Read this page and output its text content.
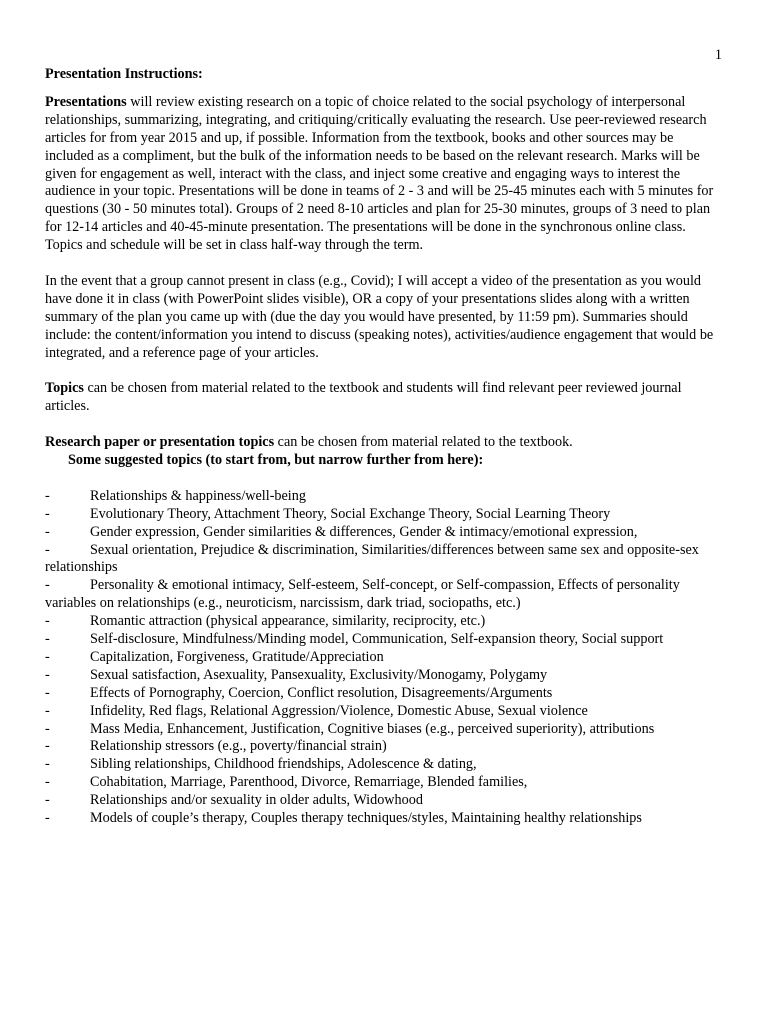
1
Presentation Instructions:

Presentations will review existing research on a topic of choice related to the social psychology of interpersonal relationships, summarizing, integrating, and critiquing/critically evaluating the research. Use peer-reviewed research articles for from year 2015 and up, if possible. Information from the textbook, books and other sources may be included as a compliment, but the bulk of the information needs to be based on the relevant research. Marks will be given for engagement as well, interact with the class, and inject some creative and engaging ways to interest the audience in your topic. Presentations will be done in teams of 2 - 3 and will be 25-45 minutes each with 5 minutes for questions (30 - 50 minutes total). Groups of 2 need 8-10 articles and plan for 25-30 minutes, groups of 3 need to plan for 12-14 articles and 40-45-minute presentation. The presentations will be done in the synchronous online class. Topics and schedule will be set in class half-way through the term.

In the event that a group cannot present in class (e.g., Covid); I will accept a video of the presentation as you would have done it in class (with PowerPoint slides visible), OR a copy of your presentations slides along with a written summary of the plan you came up with (due the day you would have presented, by 11:59 pm). Summaries should include: the content/information you intend to discuss (speaking notes), activities/audience engagement that would be integrated, and a reference page of your articles.

Topics can be chosen from material related to the textbook and students will find relevant peer reviewed journal articles.

Research paper or presentation topics can be chosen from material related to the textbook.
Some suggested topics (to start from, but narrow further from here):
-	Relationships & happiness/well-being
-	Evolutionary Theory, Attachment Theory, Social Exchange Theory, Social Learning Theory
-	Gender expression, Gender similarities & differences, Gender & intimacy/emotional expression,
-	Sexual orientation, Prejudice & discrimination, Similarities/differences between same sex and opposite-sex relationships
-	Personality & emotional intimacy, Self-esteem, Self-concept, or Self-compassion, Effects of personality variables on relationships (e.g., neuroticism, narcissism, dark triad, sociopaths, etc.)
-	Romantic attraction (physical appearance, similarity, reciprocity, etc.)
-	Self-disclosure, Mindfulness/Minding model, Communication, Self-expansion theory, Social support
-	Capitalization, Forgiveness, Gratitude/Appreciation
-	Sexual satisfaction, Asexuality, Pansexuality, Exclusivity/Monogamy, Polygamy
-	Effects of Pornography, Coercion, Conflict resolution, Disagreements/Arguments
-	Infidelity, Red flags, Relational Aggression/Violence, Domestic Abuse, Sexual violence
-	Mass Media, Enhancement, Justification, Cognitive biases (e.g., perceived superiority), attributions
-	Relationship stressors (e.g., poverty/financial strain)
-	Sibling relationships, Childhood friendships, Adolescence & dating,
-	Cohabitation, Marriage, Parenthood, Divorce, Remarriage, Blended families,
-	Relationships and/or sexuality in older adults, Widowhood
-	Models of couple’s therapy, Couples therapy techniques/styles, Maintaining healthy relationships
